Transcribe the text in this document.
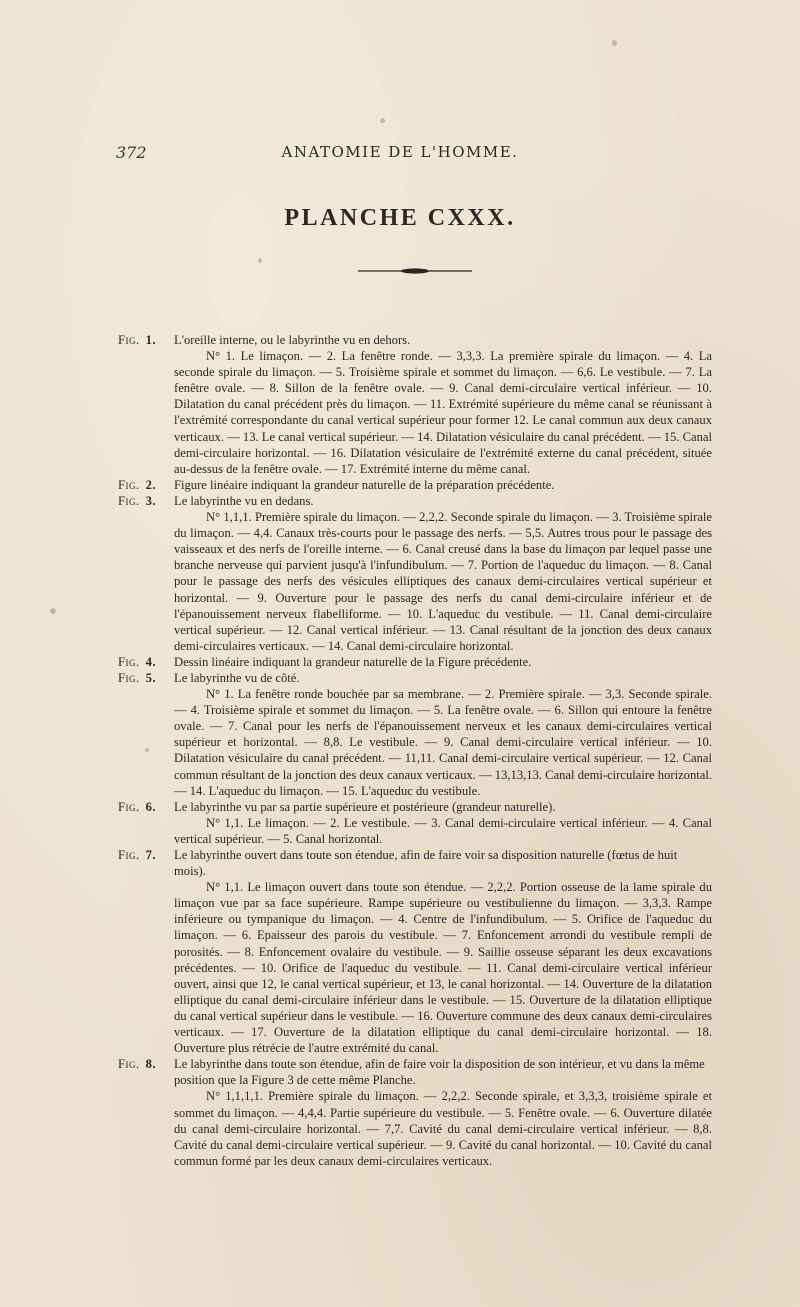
372	ANATOMIE DE L'HOMME.
PLANCHE CXXX.
Fig. 1.	L'oreille interne, ou le labyrinthe vu en dehors.
N° 1. Le limaçon. — 2. La fenêtre ronde. — 3,3,3. La première spirale du limaçon. — 4. La seconde spirale du limaçon. — 5. Troisième spirale et sommet du limaçon. — 6,6. Le vestibule. — 7. La fenêtre ovale. — 8. Sillon de la fenêtre ovale. — 9. Canal demi-circulaire vertical inférieur. — 10. Dilatation du canal précédent près du limaçon. — 11. Extrémité supérieure du même canal se réunissant à l'extrémité correspondante du canal vertical supérieur pour former 12. Le canal commun aux deux canaux verticaux. — 13. Le canal vertical supérieur. — 14. Dilatation vésiculaire du canal précédent. — 15. Canal demi-circulaire horizontal. — 16. Dilatation vésiculaire de l'extrémité externe du canal précédent, située au-dessus de la fenêtre ovale. — 17. Extrémité interne du même canal.
Fig. 2.	Figure linéaire indiquant la grandeur naturelle de la préparation précédente.
Fig. 3.	Le labyrinthe vu en dedans.
N° 1,1,1. Première spirale du limaçon. — 2,2,2. Seconde spirale du limaçon. — 3. Troisième spirale du limaçon. — 4,4. Canaux très-courts pour le passage des nerfs. — 5,5. Autres trous pour le passage des vaisseaux et des nerfs de l'oreille interne. — 6. Canal creusé dans la base du limaçon par lequel passe une branche nerveuse qui parvient jusqu'à l'infundibulum. — 7. Portion de l'aqueduc du limaçon. — 8. Canal pour le passage des nerfs des vésicules elliptiques des canaux demi-circulaires vertical supérieur et horizontal. — 9. Ouverture pour le passage des nerfs du canal demi-circulaire inférieur et de l'épanouissement nerveux flabelliforme. — 10. L'aqueduc du vestibule. — 11. Canal demi-circulaire vertical supérieur. — 12. Canal vertical inférieur. — 13. Canal résultant de la jonction des deux canaux demi-circulaires verticaux. — 14. Canal demi-circulaire horizontal.
Fig. 4.	Dessin linéaire indiquant la grandeur naturelle de la Figure précédente.
Fig. 5.	Le labyrinthe vu de côté.
N° 1. La fenêtre ronde bouchée par sa membrane. — 2. Première spirale. — 3,3. Seconde spirale. — 4. Troisième spirale et sommet du limaçon. — 5. La fenêtre ovale. — 6. Sillon qui entoure la fenêtre ovale. — 7. Canal pour les nerfs de l'épanouissement nerveux et les canaux demi-circulaires vertical supérieur et horizontal. — 8,8. Le vestibule. — 9. Canal demi-circulaire vertical inférieur. — 10. Dilatation vésiculaire du canal précédent. — 11,11. Canal demi-circulaire vertical supérieur. — 12. Canal commun résultant de la jonction des deux canaux verticaux. — 13,13,13. Canal demi-circulaire horizontal. — 14. L'aqueduc du limaçon. — 15. L'aqueduc du vestibule.
Fig. 6.	Le labyrinthe vu par sa partie supérieure et postérieure (grandeur naturelle).
N° 1,1. Le limaçon. — 2. Le vestibule. — 3. Canal demi-circulaire vertical inférieur. — 4. Canal vertical supérieur. — 5. Canal horizontal.
Fig. 7.	Le labyrinthe ouvert dans toute son étendue, afin de faire voir sa disposition naturelle (fœtus de huit mois).
N° 1,1. Le limaçon ouvert dans toute son étendue. — 2,2,2. Portion osseuse de la lame spirale du limaçon vue par sa face supérieure. Rampe supérieure ou vestibulienne du limaçon. — 3,3,3. Rampe inférieure ou tympanique du limaçon. — 4. Centre de l'infundibulum. — 5. Orifice de l'aqueduc du limaçon. — 6. Epaisseur des parois du vestibule. — 7. Enfoncement arrondi du vestibule rempli de porosités. — 8. Enfoncement ovalaire du vestibule. — 9. Saillie osseuse séparant les deux excavations précédentes. — 10. Orifice de l'aqueduc du vestibule. — 11. Canal demi-circulaire vertical inférieur ouvert, ainsi que 12, le canal vertical supérieur, et 13, le canal horizontal. — 14. Ouverture de la dilatation elliptique du canal demi-circulaire inférieur dans le vestibule. — 15. Ouverture de la dilatation elliptique du canal vertical supérieur dans le vestibule. — 16. Ouverture commune des deux canaux demi-circulaires verticaux. — 17. Ouverture de la dilatation elliptique du canal demi-circulaire horizontal. — 18. Ouverture plus rétrécie de l'autre extrémité du canal.
Fig. 8.	Le labyrinthe dans toute son étendue, afin de faire voir la disposition de son intérieur, et vu dans la même position que la Figure 3 de cette même Planche.
N° 1,1,1,1. Première spirale du limaçon. — 2,2,2. Seconde spirale, et 3,3,3, troisième spirale et sommet du limaçon. — 4,4,4. Partie supérieure du vestibule. — 5. Fenêtre ovale. — 6. Ouverture dilatée du canal demi-circulaire horizontal. — 7,7. Cavité du canal demi-circulaire vertical inférieur. — 8,8. Cavité du canal demi-circulaire vertical supérieur. — 9. Cavité du canal horizontal. — 10. Cavité du canal commun formé par les deux canaux demi-circulaires verticaux.
